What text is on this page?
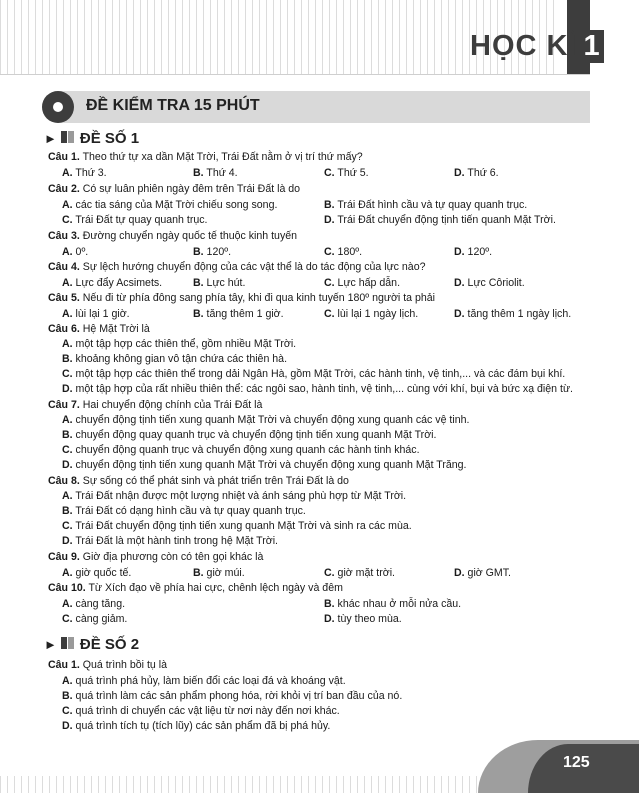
HỌC KÌ 1
ĐỀ KIỂM TRA 15 PHÚT
► ĐỀ SỐ 1
Câu 1. Theo thứ tự xa dần Mặt Trời, Trái Đất nằm ở vị trí thứ mấy?
A. Thứ 3.	B. Thứ 4.	C. Thứ 5.	D. Thứ 6.
Câu 2. Có sự luân phiên ngày đêm trên Trái Đất là do
A. các tia sáng của Mặt Trời chiếu song song.	B. Trái Đất hình cầu và tự quay quanh trục.
C. Trái Đất tự quay quanh trục.	D. Trái Đất chuyển động tịnh tiến quanh Mặt Trời.
Câu 3. Đường chuyển ngày quốc tế thuộc kinh tuyến
A. 0º.	B. 120º.	C. 180º.	D. 120º.
Câu 4. Sự lệch hướng chuyển động của các vật thể là do tác động của lực nào?
A. Lực đẩy Acsimets.	B. Lực hút.	C. Lực hấp dẫn.	D. Lực Côriolit.
Câu 5. Nếu đi từ phía đông sang phía tây, khi đi qua kinh tuyến 180º người ta phải
A. lùi lại 1 giờ.	B. tăng thêm 1 giờ.	C. lùi lại 1 ngày lịch.	D. tăng thêm 1 ngày lịch.
Câu 6. Hệ Mặt Trời là
A. một tập hợp các thiên thể, gồm nhiều Mặt Trời.
B. khoảng không gian vô tận chứa các thiên hà.
C. một tập hợp các thiên thể trong dải Ngân Hà, gồm Mặt Trời, các hành tinh, vệ tinh,... và các đám bụi khí.
D. một tập hợp của rất nhiều thiên thể: các ngôi sao, hành tinh, vệ tinh,... cùng với khí, bụi và bức xạ điện từ.
Câu 7. Hai chuyển động chính của Trái Đất là
A. chuyển động tịnh tiến xung quanh Mặt Trời và chuyển động xung quanh các vệ tinh.
B. chuyển động quay quanh trục và chuyển động tịnh tiến xung quanh Mặt Trời.
C. chuyển động quanh trục và chuyển động xung quanh các hành tinh khác.
D. chuyển động tịnh tiến xung quanh Mặt Trời và chuyển động xung quanh Mặt Trăng.
Câu 8. Sự sống có thể phát sinh và phát triển trên Trái Đất là do
A. Trái Đất nhận được một lượng nhiệt và ánh sáng phù hợp từ Mặt Trời.
B. Trái Đất có dạng hình cầu và tự quay quanh trục.
C. Trái Đất chuyển động tịnh tiến xung quanh Mặt Trời và sinh ra các mùa.
D. Trái Đất là một hành tinh trong hệ Mặt Trời.
Câu 9. Giờ địa phương còn có tên gọi khác là
A. giờ quốc tế.	B. giờ múi.	C. giờ mặt trời.	D. giờ GMT.
Câu 10. Từ Xích đạo về phía hai cực, chênh lệch ngày và đêm
A. càng tăng.	B. khác nhau ở mỗi nửa cầu.
C. càng giảm.	D. tùy theo mùa.
► ĐỀ SỐ 2
Câu 1. Quá trình bồi tụ là
A. quá trình phá hủy, làm biến đổi các loại đá và khoáng vật.
B. quá trình làm các sản phẩm phong hóa, rời khỏi vị trí ban đầu của nó.
C. quá trình di chuyển các vật liệu từ nơi này đến nơi khác.
D. quá trình tích tụ (tích lũy) các sản phẩm đã bị phá hủy.
125
